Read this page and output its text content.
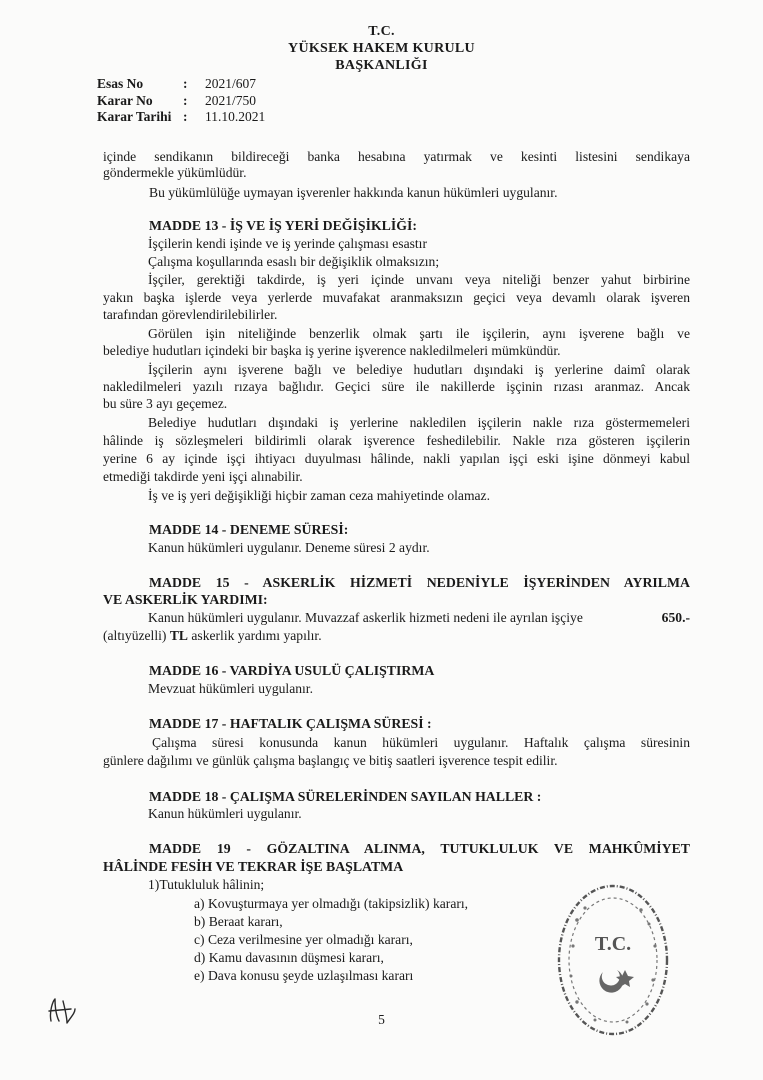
T.C.
YÜKSEK HAKEM KURULU
BAŞKANLIĞI
Esas No	:	2021/607
Karar No	:	2021/750
Karar Tarihi :	11.10.2021
içinde sendikanın bildireceği banka hesabına yatırmak ve kesinti listesini sendikaya
göndermekle yükümlüdür.
Bu yükümlülüğe uymayan işverenler hakkında kanun hükümleri uygulanır.
MADDE 13 - İŞ VE İŞ YERİ DEĞİŞİKLİĞİ:
İşçilerin kendi işinde ve iş yerinde çalışması esastır
Çalışma koşullarında esaslı bir değişiklik olmaksızın;
İşçiler, gerektiği takdirde, iş yeri içinde unvanı veya niteliği benzer yahut birbirine
yakın başka işlerde veya yerlerde muvafakat aranmaksızın geçici veya devamlı olarak işveren
tarafından görevlendirilebilirler.
Görülen işin niteliğinde benzerlik olmak şartı ile işçilerin, aynı işverene bağlı ve
belediye hudutları içindeki bir başka iş yerine işverence nakledilmeleri mümkündür.
İşçilerin aynı işverene bağlı ve belediye hudutları dışındaki iş yerlerine daimî olarak
nakledilmeleri yazılı rızaya bağlıdır. Geçici süre ile nakillerde işçinin rızası aranmaz. Ancak
bu süre 3 ayı geçemez.
Belediye hudutları dışındaki iş yerlerine nakledilen işçilerin nakle rıza göstermemeleri
hâlinde iş sözleşmeleri bildirimli olarak işverence feshedilebilir. Nakle rıza gösteren işçilerin
yerine 6 ay içinde işçi ihtiyacı duyulması hâlinde, nakli yapılan işçi eski işine dönmeyi kabul
etmediği takdirde yeni işçi alınabilir.
İş ve iş yeri değişikliği hiçbir zaman ceza mahiyetinde olamaz.
MADDE 14 - DENEME SÜRESİ:
Kanun hükümleri uygulanır. Deneme süresi 2 aydır.
MADDE 15 - ASKERLİK HİZMETİ NEDENİYLE İŞYERİNDEN AYRILMA
VE ASKERLİK YARDIMI:
Kanun hükümleri uygulanır. Muvazzaf askerlik hizmeti nedeni ile ayrılan işçiye	650.-
(altıyüzelli) TL askerlik yardımı yapılır.
MADDE 16 - VARDİYA USULÜ ÇALIŞTIRMA
Mevzuat hükümleri uygulanır.
MADDE 17 - HAFTALIK ÇALIŞMA SÜRESİ :
Çalışma süresi konusunda kanun hükümleri uygulanır. Haftalık çalışma süresinin
günlere dağılımı ve günlük çalışma başlangıç ve bitiş saatleri işverence tespit edilir.
MADDE 18 - ÇALIŞMA SÜRELERİNDEN SAYILAN HALLER :
Kanun hükümleri uygulanır.
MADDE 19 - GÖZALTINA ALINMA, TUTUKLULUK VE MAHKÛMİYET
HÂLİNDE FESİH VE TEKRAR İŞE BAŞLATMA
1)Tutukluluk hâlinin;
a) Kovuşturmaya yer olmadığı (takipsizlik) kararı,
b) Beraat kararı,
c) Ceza verilmesine yer olmadığı kararı,
d) Kamu davasının düşmesi kararı,
e) Dava konusu şeyde uzlaşılması kararı
5
T.C.
